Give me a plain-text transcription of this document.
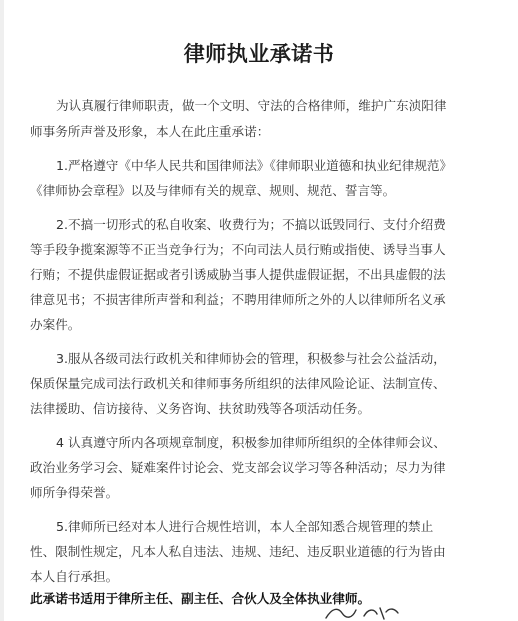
律师执业承诺书
为认真履行律师职责，做一个文明、守法的合格律师，维护广东浈阳律
师事务所声誉及形象，本人在此庄重承诺：
1.严格遵守《中华人民共和国律师法》《律师职业道德和执业纪律规范》
《律师协会章程》以及与律师有关的规章、规则、规范、誓言等。
2.不搞一切形式的私自收案、收费行为；不搞以诋毁同行、支付介绍费
等手段争揽案源等不正当竞争行为；不向司法人员行贿或指使、诱导当事人
行贿；不提供虚假证据或者引诱威胁当事人提供虚假证据，不出具虚假的法
律意见书；不损害律所声誉和利益；不聘用律师所之外的人以律师所名义承
办案件。
3.服从各级司法行政机关和律师协会的管理，积极参与社会公益活动，
保质保量完成司法行政机关和律师事务所组织的法律风险论证、法制宣传、
法律援助、信访接待、义务咨询、扶贫助残等各项活动任务。
4 认真遵守所内各项规章制度，积极参加律师所组织的全体律师会议、
政治业务学习会、疑难案件讨论会、党支部会议学习等各种活动；尽力为律
师所争得荣誉。
5.律师所已经对本人进行合规性培训，本人全部知悉合规管理的禁止
性、限制性规定，凡本人私自违法、违规、违纪、违反职业道德的行为皆由
本人自行承担。
此承诺书适用于律所主任、副主任、合伙人及全体执业律师。
